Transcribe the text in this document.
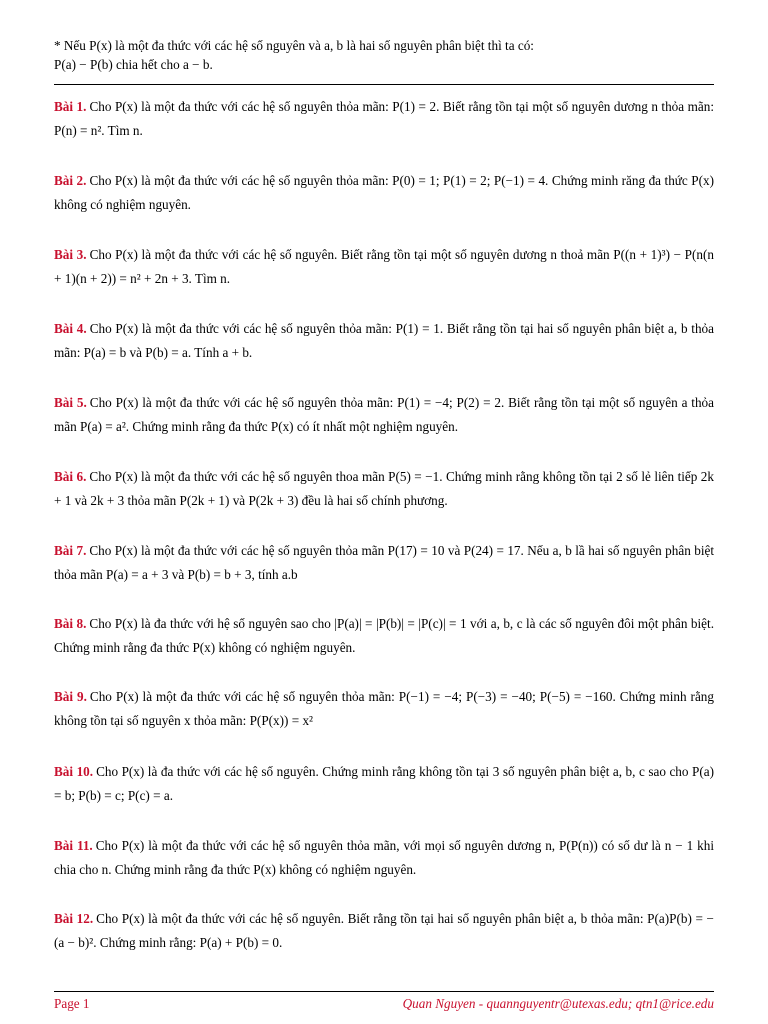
* Nếu P(x) là một đa thức với các hệ số nguyên và a, b là hai số nguyên phân biệt thì ta có:
P(a) − P(b) chia hết cho a − b.
Bài 1. Cho P(x) là một đa thức với các hệ số nguyên thỏa mãn: P(1) = 2. Biết rằng tồn tại một số nguyên dương n thỏa mãn: P(n) = n². Tìm n.
Bài 2. Cho P(x) là một đa thức với các hệ số nguyên thỏa mãn: P(0) = 1; P(1) = 2; P(−1) = 4. Chứng minh răng đa thức P(x) không có nghiệm nguyên.
Bài 3. Cho P(x) là một đa thức với các hệ số nguyên. Biết rằng tồn tại một số nguyên dương n thoả mãn P((n + 1)³) − P(n(n + 1)(n + 2)) = n² + 2n + 3. Tìm n.
Bài 4. Cho P(x) là một đa thức với các hệ số nguyên thỏa mãn: P(1) = 1. Biết rằng tồn tại hai số nguyên phân biệt a, b thỏa mãn: P(a) = b và P(b) = a. Tính a + b.
Bài 5. Cho P(x) là một đa thức với các hệ số nguyên thỏa mãn: P(1) = −4; P(2) = 2. Biết rằng tồn tại một số nguyên a thỏa mãn P(a) = a². Chứng minh rằng đa thức P(x) có ít nhất một nghiệm nguyên.
Bài 6. Cho P(x) là một đa thức với các hệ số nguyên thoa mãn P(5) = −1. Chứng minh rằng không tồn tại 2 số lẻ liên tiếp 2k + 1 và 2k + 3 thỏa mãn P(2k + 1) và P(2k + 3) đều là hai số chính phương.
Bài 7. Cho P(x) là một đa thức với các hệ số nguyên thỏa mãn P(17) = 10 và P(24) = 17. Nếu a, b lầ hai số nguyên phân biệt thỏa mãn P(a) = a + 3 và P(b) = b + 3, tính a.b
Bài 8. Cho P(x) là đa thức với hệ số nguyên sao cho |P(a)| = |P(b)| = |P(c)| = 1 với a, b, c là các số nguyên đôi một phân biệt. Chứng minh rằng đa thức P(x) không có nghiệm nguyên.
Bài 9. Cho P(x) là một đa thức với các hệ số nguyên thỏa mãn: P(−1) = −4; P(−3) = −40; P(−5) = −160. Chứng minh rằng không tồn tại số nguyên x thỏa mãn: P(P(x)) = x²
Bài 10. Cho P(x) là đa thức với các hệ số nguyên. Chứng minh rằng không tồn tại 3 số nguyên phân biệt a, b, c sao cho P(a) = b; P(b) = c; P(c) = a.
Bài 11. Cho P(x) là một đa thức với các hệ số nguyên thỏa mãn, với mọi số nguyên dương n, P(P(n)) có số dư là n − 1 khi chia cho n. Chứng minh rằng đa thức P(x) không có nghiệm nguyên.
Bài 12. Cho P(x) là một đa thức với các hệ số nguyên. Biết rằng tồn tại hai số nguyên phân biệt a, b thỏa mãn: P(a)P(b) = −(a − b)². Chứng minh rằng: P(a) + P(b) = 0.
Page 1	Quan Nguyen - quannguyentr@utexas.edu; qtn1@rice.edu
